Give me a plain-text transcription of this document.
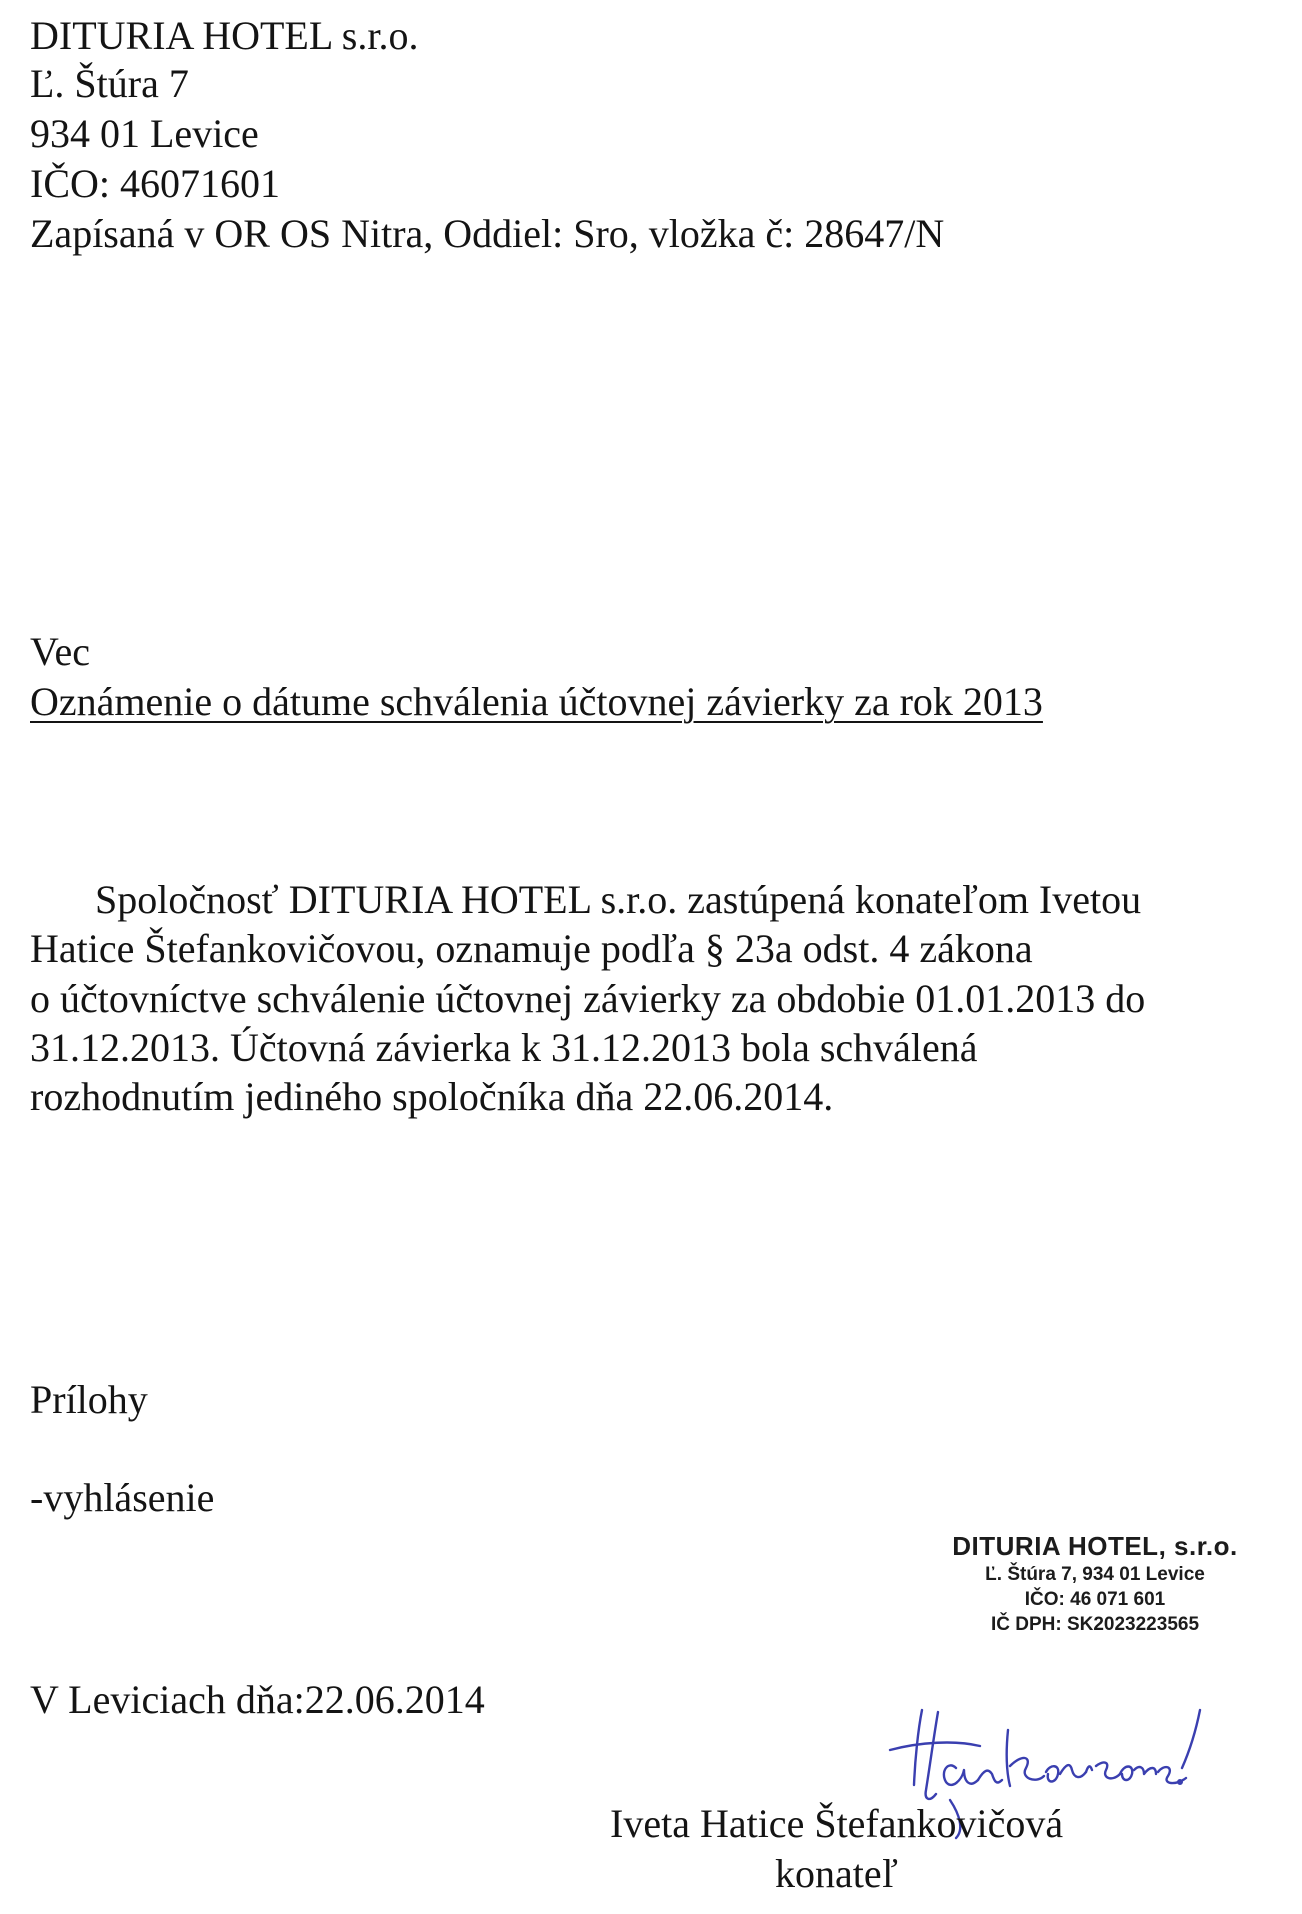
DITURIA HOTEL s.r.o.
Ľ. Štúra 7
934 01 Levice
IČO: 46071601
Zapísaná v OR OS Nitra, Oddiel: Sro, vložka č: 28647/N
Vec
Oznámenie o dátume schválenia účtovnej závierky za rok 2013
Spoločnosť DITURIA HOTEL s.r.o. zastúpená konateľom Ivetou
Hatice Štefankovičovou, oznamuje podľa § 23a odst. 4 zákona
o účtovníctve schválenie účtovnej závierky za obdobie 01.01.2013 do
31.12.2013. Účtovná závierka k 31.12.2013 bola schválená
rozhodnutím jediného spoločníka dňa 22.06.2014.
Prílohy
-vyhlásenie
DITURIA HOTEL, s.r.o.
Ľ. Štúra 7, 934 01 Levice
IČO: 46 071 601
IČ DPH: SK2023223565
V Leviciach dňa:22.06.2014
Iveta Hatice Štefankovičová
konateľ
